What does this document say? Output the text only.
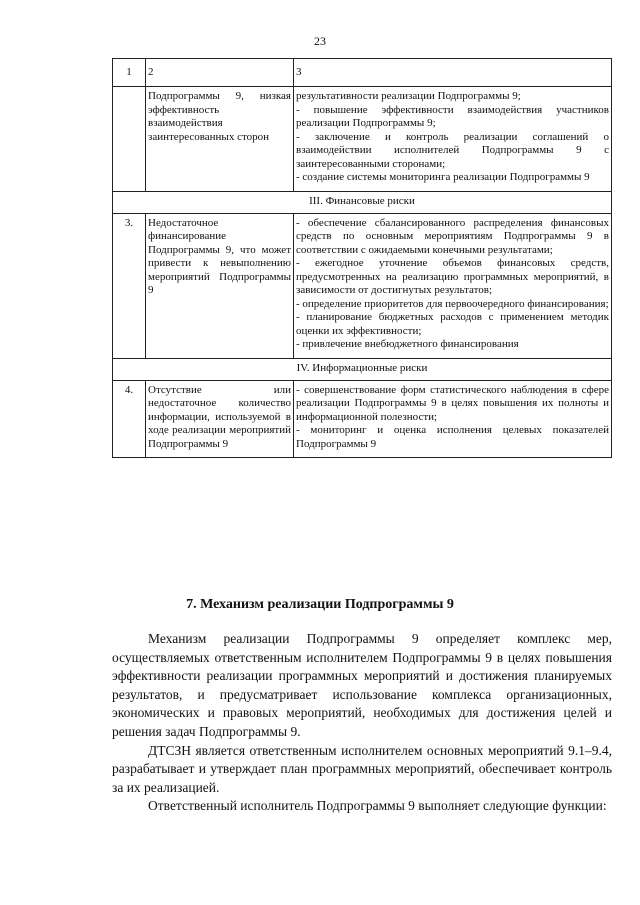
23
1	2	3
	Подпрограммы 9, низкая эффективность взаимодействия заинтересованных сторон	результативности реализации Подпрограммы 9;
- повышение эффективности взаимодействия участников реализации Подпрограммы 9;
- заключение и контроль реализации соглашений о взаимодействии исполнителей Подпрограммы 9 с заинтересованными сторонами;
- создание системы мониторинга реализации Подпрограммы 9

III. Финансовые риски		
3.	Недостаточное финансирование Подпрограммы 9, что может привести к невыполнению мероприятий Подпрограммы 9	- обеспечение сбалансированного распределения финансовых средств по основным мероприятиям Подпрограммы 9 в соответствии с ожидаемыми конечными результатами;
- ежегодное уточнение объемов финансовых средств, предусмотренных на реализацию программных мероприятий, в зависимости от достигнутых результатов;
- определение приоритетов для первоочередного финансирования;
- планирование бюджетных расходов с применением методик оценки их эффективности;
- привлечение внебюджетного финансирования

IV. Информационные риски		
4.	Отсутствие или недостаточное количество информации, используемой в ходе реализации мероприятий Подпрограммы 9	- совершенствование форм статистического наблюдения в сфере реализации Подпрограммы 9 в целях повышения их полноты и информационной полезности;
- мониторинг и оценка исполнения целевых показателей Подпрограммы 9
7. Механизм реализации Подпрограммы 9

Механизм реализации Подпрограммы 9 определяет комплекс мер, осуществляемых ответственным исполнителем Подпрограммы 9 в целях повышения эффективности реализации программных мероприятий и достижения планируемых результатов, и предусматривает использование комплекса организационных, экономических и правовых мероприятий, необходимых для достижения целей и решения задач Подпрограммы 9.

ДТСЗН является ответственным исполнителем основных мероприятий 9.1–9.4, разрабатывает и утверждает план программных мероприятий, обеспечивает контроль за их реализацией.

Ответственный исполнитель Подпрограммы 9 выполняет следующие функции:
